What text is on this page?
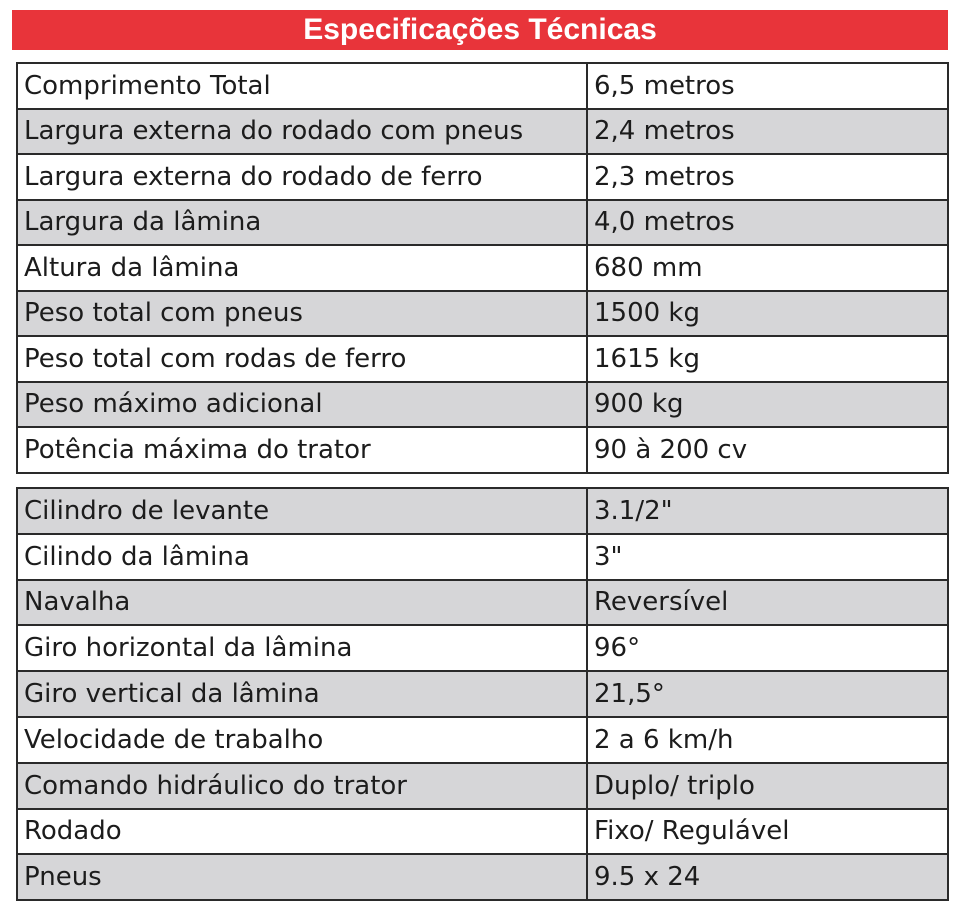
Especificações Técnicas
Comprimento Total	6,5 metros
Largura externa do rodado com pneus	2,4 metros
Largura externa do rodado de ferro	2,3 metros
Largura da lâmina	4,0 metros
Altura da lâmina	680 mm
Peso total com pneus	1500 kg
Peso total com rodas de ferro	1615 kg
Peso máximo adicional	900 kg
Potência máxima do trator	90 à 200 cv
Cilindro de levante	3.1/2"
Cilindo da lâmina	3"
Navalha	Reversível
Giro horizontal da lâmina	96°
Giro vertical da lâmina	21,5°
Velocidade de trabalho	2 a 6 km/h
Comando hidráulico do trator	Duplo/ triplo
Rodado	Fixo/ Regulável
Pneus	9.5 x 24
